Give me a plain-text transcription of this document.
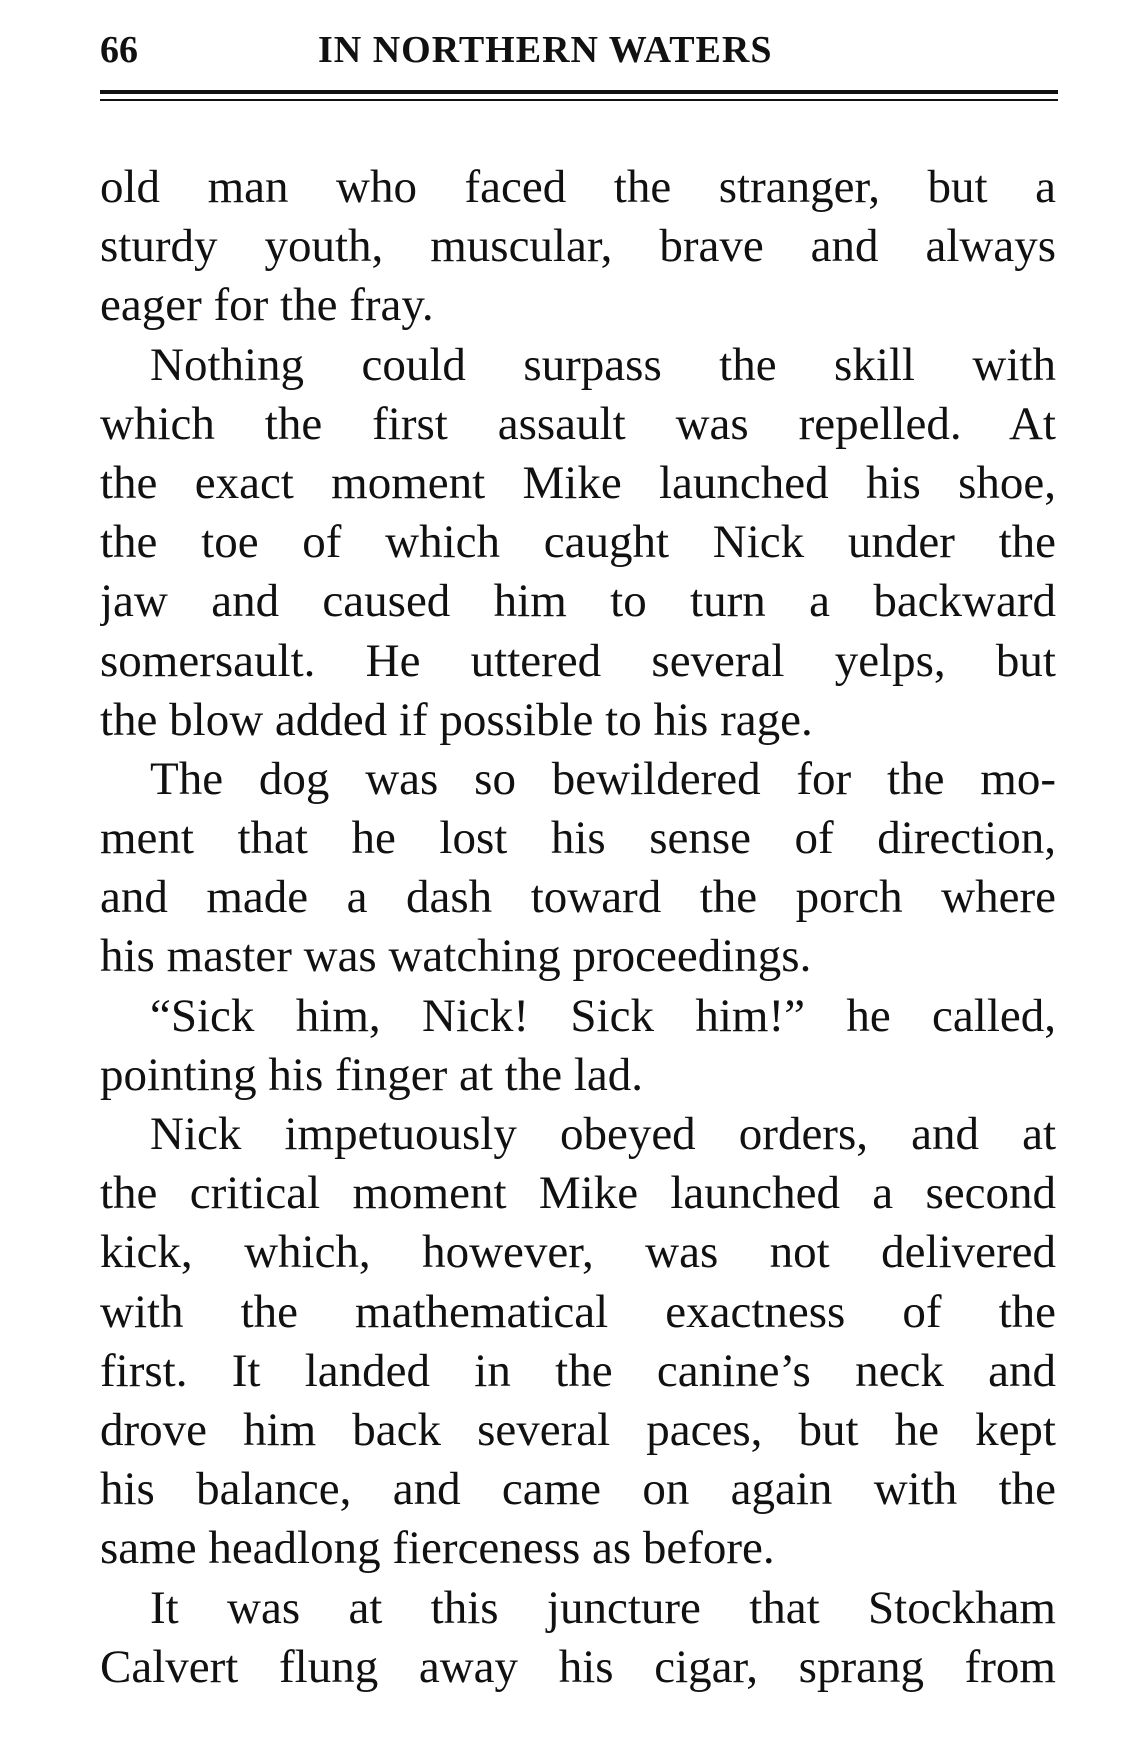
66	IN NORTHERN WATERS
old man who faced the stranger, but a
sturdy youth, muscular, brave and always
eager for the fray.
Nothing could surpass the skill with
which the first assault was repelled. At
the exact moment Mike launched his shoe,
the toe of which caught Nick under the
jaw and caused him to turn a backward
somersault. He uttered several yelps, but
the blow added if possible to his rage.
The dog was so bewildered for the mo-
ment that he lost his sense of direction,
and made a dash toward the porch where
his master was watching proceedings.
“Sick him, Nick! Sick him!” he called,
pointing his finger at the lad.
Nick impetuously obeyed orders, and at
the critical moment Mike launched a second
kick, which, however, was not delivered
with the mathematical exactness of the
first. It landed in the canine’s neck and
drove him back several paces, but he kept
his balance, and came on again with the
same headlong fierceness as before.
It was at this juncture that Stockham
Calvert flung away his cigar, sprang from
